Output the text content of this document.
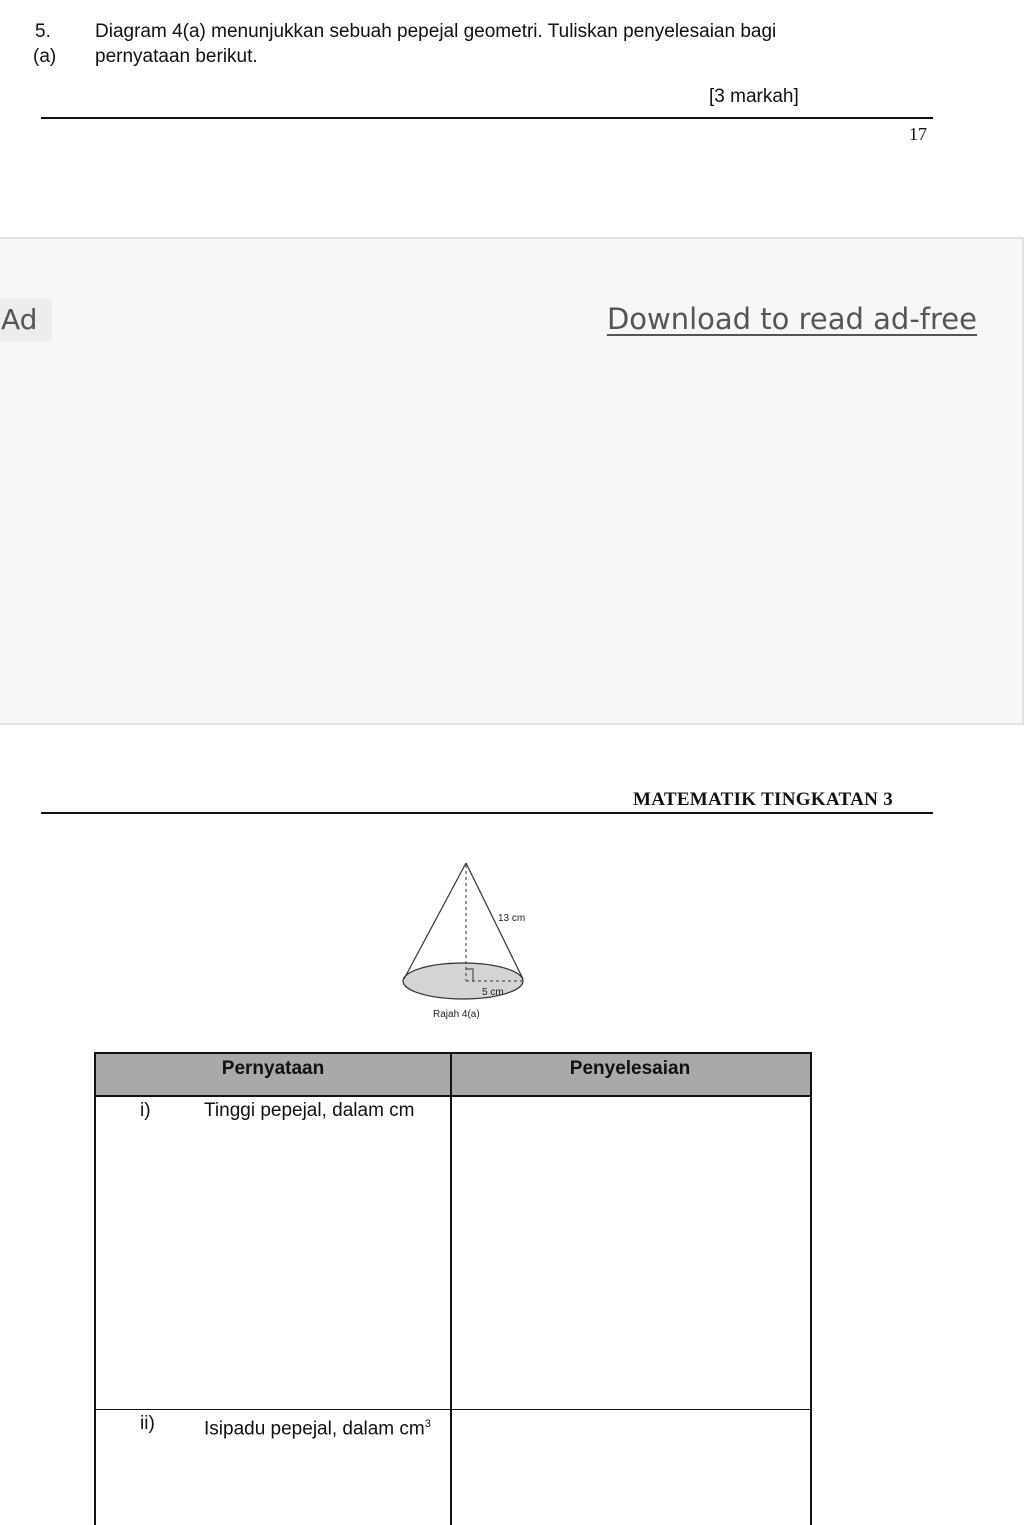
5.
(a)
Diagram 4(a) menunjukkan sebuah pepejal geometri. Tuliskan penyelesaian bagi
pernyataan berikut.
[3 markah]
17
Ad	Download to read ad-free
MATEMATIK TINGKATAN 3
13 cm
5 cm
Rajah 4(a)
Pernyataan	Penyelesaian
i)	Tinggi pepejal, dalam cm
ii)	Isipadu pepejal, dalam $cm^3$
